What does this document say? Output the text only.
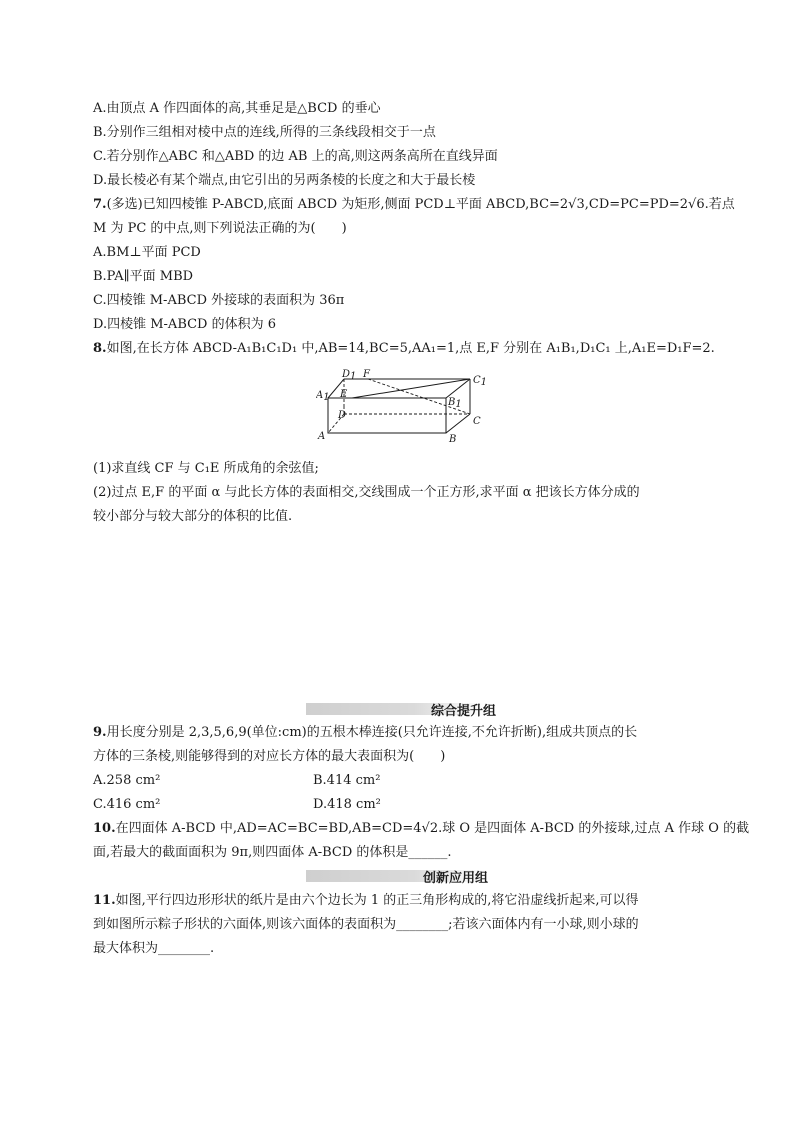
A.由顶点 A 作四面体的高,其垂足是△BCD 的垂心
B.分别作三组相对棱中点的连线,所得的三条线段相交于一点
C.若分别作△ABC 和△ABD 的边 AB 上的高,则这两条高所在直线异面
D.最长棱必有某个端点,由它引出的另两条棱的长度之和大于最长棱
7.(多选)已知四棱锥 P-ABCD,底面 ABCD 为矩形,侧面 PCD⊥平面 ABCD,BC=2√3,CD=PC=PD=2√6.若点
M 为 PC 的中点,则下列说法正确的为(　　)
A.BM⊥平面 PCD
B.PA∥平面 MBD
C.四棱锥 M-ABCD 外接球的表面积为 36π
D.四棱锥 M-ABCD 的体积为 6
8.如图,在长方体 ABCD-A₁B₁C₁D₁ 中,AB=14,BC=5,AA₁=1,点 E,F 分别在 A₁B₁,D₁C₁ 上,A₁E=D₁F=2.
D1 F
C1
A1 E
B1
D
C
A	B
(1)求直线 CF 与 C₁E 所成角的余弦值;
(2)过点 E,F 的平面 α 与此长方体的表面相交,交线围成一个正方形,求平面 α 把该长方体分成的
较小部分与较大部分的体积的比值.
综合提升组
9.用长度分别是 2,3,5,6,9(单位:cm)的五根木棒连接(只允许连接,不允许折断),组成共顶点的长
方体的三条棱,则能够得到的对应长方体的最大表面积为(　　)
A.258 cm²	B.414 cm²
C.416 cm²	D.418 cm²
10.在四面体 A-BCD 中,AD=AC=BC=BD,AB=CD=4√2.球 O 是四面体 A-BCD 的外接球,过点 A 作球 O 的截
面,若最大的截面面积为 9π,则四面体 A-BCD 的体积是______.
创新应用组
11.如图,平行四边形形状的纸片是由六个边长为 1 的正三角形构成的,将它沿虚线折起来,可以得
到如图所示粽子形状的六面体,则该六面体的表面积为________;若该六面体内有一小球,则小球的
最大体积为________.
